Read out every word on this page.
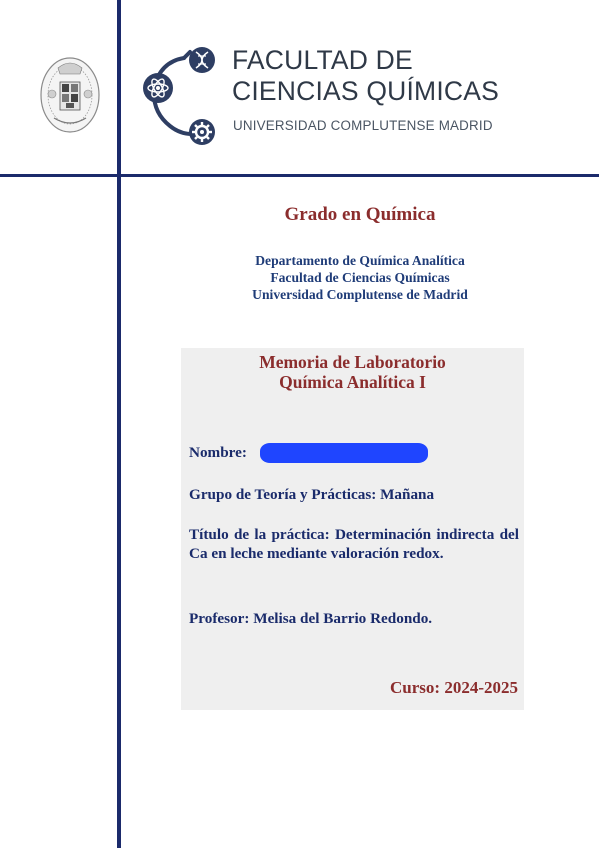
FACULTAD DE
CIENCIAS QUÍMICAS
UNIVERSIDAD COMPLUTENSE MADRID
Grado en Química
Departamento de Química Analítica
Facultad de Ciencias Químicas
Universidad Complutense de Madrid
Memoria de Laboratorio
Química Analítica I
Nombre:
Grupo de Teoría y Prácticas: Mañana
Título de la práctica: Determinación indirecta del Ca en leche mediante valoración redox.
Profesor: Melisa del Barrio Redondo.
Curso: 2024-2025
